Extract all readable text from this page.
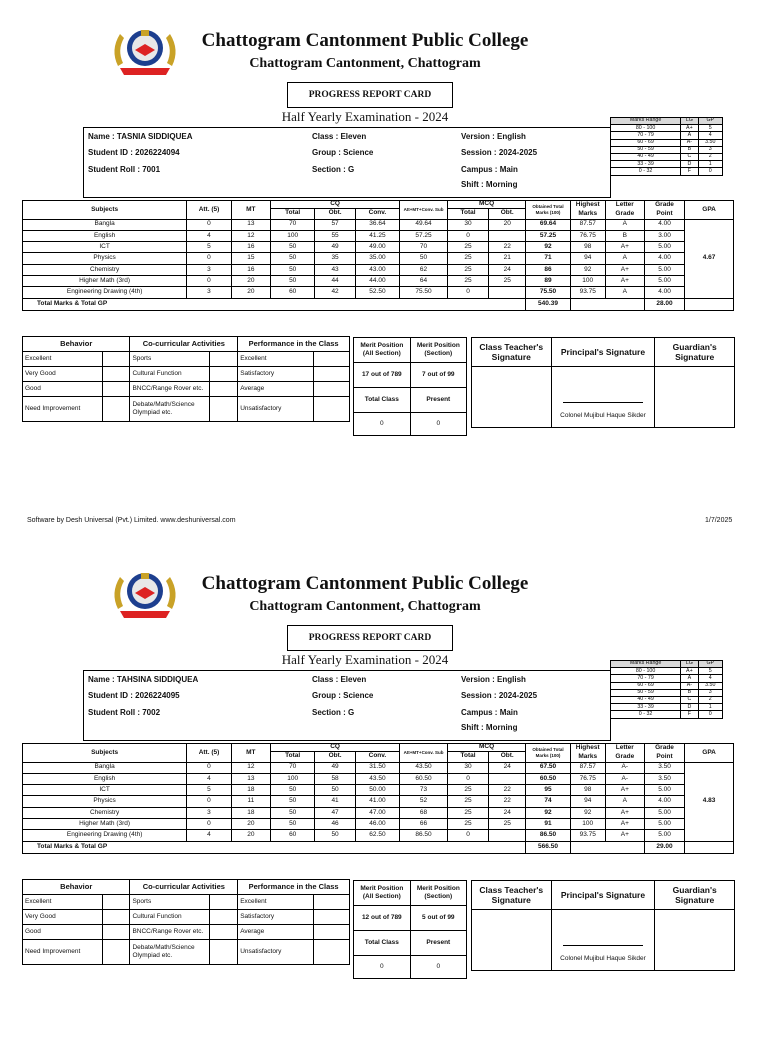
Chattogram Cantonment Public College
Chattogram Cantonment, Chattogram
PROGRESS REPORT CARD
Half Yearly Examination - 2024
Name : TASNIA SIDDIQUEA
Student ID : 2026224094
Student Roll : 7001
Class : Eleven
Group : Science
Section : G
Version : English
Session : 2024-2025
Campus : Main
Shift : Morning
Marks Range	LG	GP
80 - 100	A+	5
70 - 79	A	4
60 - 69	A-	3.50
50 - 59	B	3
40 - 49	C	2
33 - 39	D	1
0 - 32	F	0
Subjects	Att. (5)	MT	CQ			Att+MT+Conv. Sub	MCQ		Obtained Total Marks (100)	Highest Marks	Letter Grade	Grade Point	GPA
			Total	Obt.	Conv.		Total	Obt.					
Bangla	0	13	70	57	36.64	49.64	30	20	69.64	87.57	A	4.00	4.67
English	4	12	100	55	41.25	57.25	0		57.25	76.75	B	3.00	
ICT	5	16	50	49	49.00	70	25	22	92	98	A+	5.00	
Physics	0	15	50	35	35.00	50	25	21	71	94	A	4.00	
Chemistry	3	16	50	43	43.00	62	25	24	86	92	A+	5.00	
Higher Math (3rd)	0	20	50	44	44.00	64	25	25	89	100	A+	5.00	
Engineering Drawing (4th)	3	20	60	42	52.50	75.50	0		75.50	93.75	A	4.00	
Total Marks & Total GP									540.39			28.00	
Behavior		Co-curricular Activities		Performance in the Class	
Excellent		Sports		Excellent	
Very Good		Cultural Function		Satisfactory	
Good		BNCC/Range Rover etc.		Average	
Need Improvement		Debate/Math/Science Olympiad etc.		Unsatisfactory	
Merit Position (All Section)	Merit Position (Section)
17 out of 789	7 out of 99
Total Class	Present
0	0
Class Teacher's Signature	Principal's Signature	Guardian's Signature

	Colonel Mujibul Haque Sikder	

Chattogram Cantonment Public College
Chattogram Cantonment, Chattogram
PROGRESS REPORT CARD
Half Yearly Examination - 2024
Name : TAHSINA SIDDIQUEA
Student ID : 2026224095
Student Roll : 7002
Class : Eleven
Group : Science
Section : G
Version : English
Session : 2024-2025
Campus : Main
Shift : Morning
Marks Range	LG	GP
80 - 100	A+	5
70 - 79	A	4
60 - 69	A-	3.50
50 - 59	B	3
40 - 49	C	2
33 - 39	D	1
0 - 32	F	0
Subjects	Att. (5)	MT	CQ			Att+MT+Conv. Sub	MCQ		Obtained Total Marks (100)	Highest Marks	Letter Grade	Grade Point	GPA
			Total	Obt.	Conv.		Total	Obt.					
Bangla	0	12	70	49	31.50	43.50	30	24	67.50	87.57	A-	3.50	4.83
English	4	13	100	58	43.50	60.50	0		60.50	76.75	A-	3.50	
ICT	5	18	50	50	50.00	73	25	22	95	98	A+	5.00	
Physics	0	11	50	41	41.00	52	25	22	74	94	A	4.00	
Chemistry	3	18	50	47	47.00	68	25	24	92	92	A+	5.00	
Higher Math (3rd)	0	20	50	46	46.00	66	25	25	91	100	A+	5.00	
Engineering Drawing (4th)	4	20	60	50	62.50	86.50	0		86.50	93.75	A+	5.00	
Total Marks & Total GP									566.50			29.00	
Behavior		Co-curricular Activities		Performance in the Class	
Excellent		Sports		Excellent	
Very Good		Cultural Function		Satisfactory	
Good		BNCC/Range Rover etc.		Average	
Need Improvement		Debate/Math/Science Olympiad etc.		Unsatisfactory	
Merit Position (All Section)	Merit Position (Section)
12 out of 789	5 out of 99
Total Class	Present
0	0
Class Teacher's Signature	Principal's Signature	Guardian's Signature

	Colonel Mujibul Haque Sikder	

Software by Desh Universal (Pvt.) Limited. www.deshuniversal.com	1/7/2025
